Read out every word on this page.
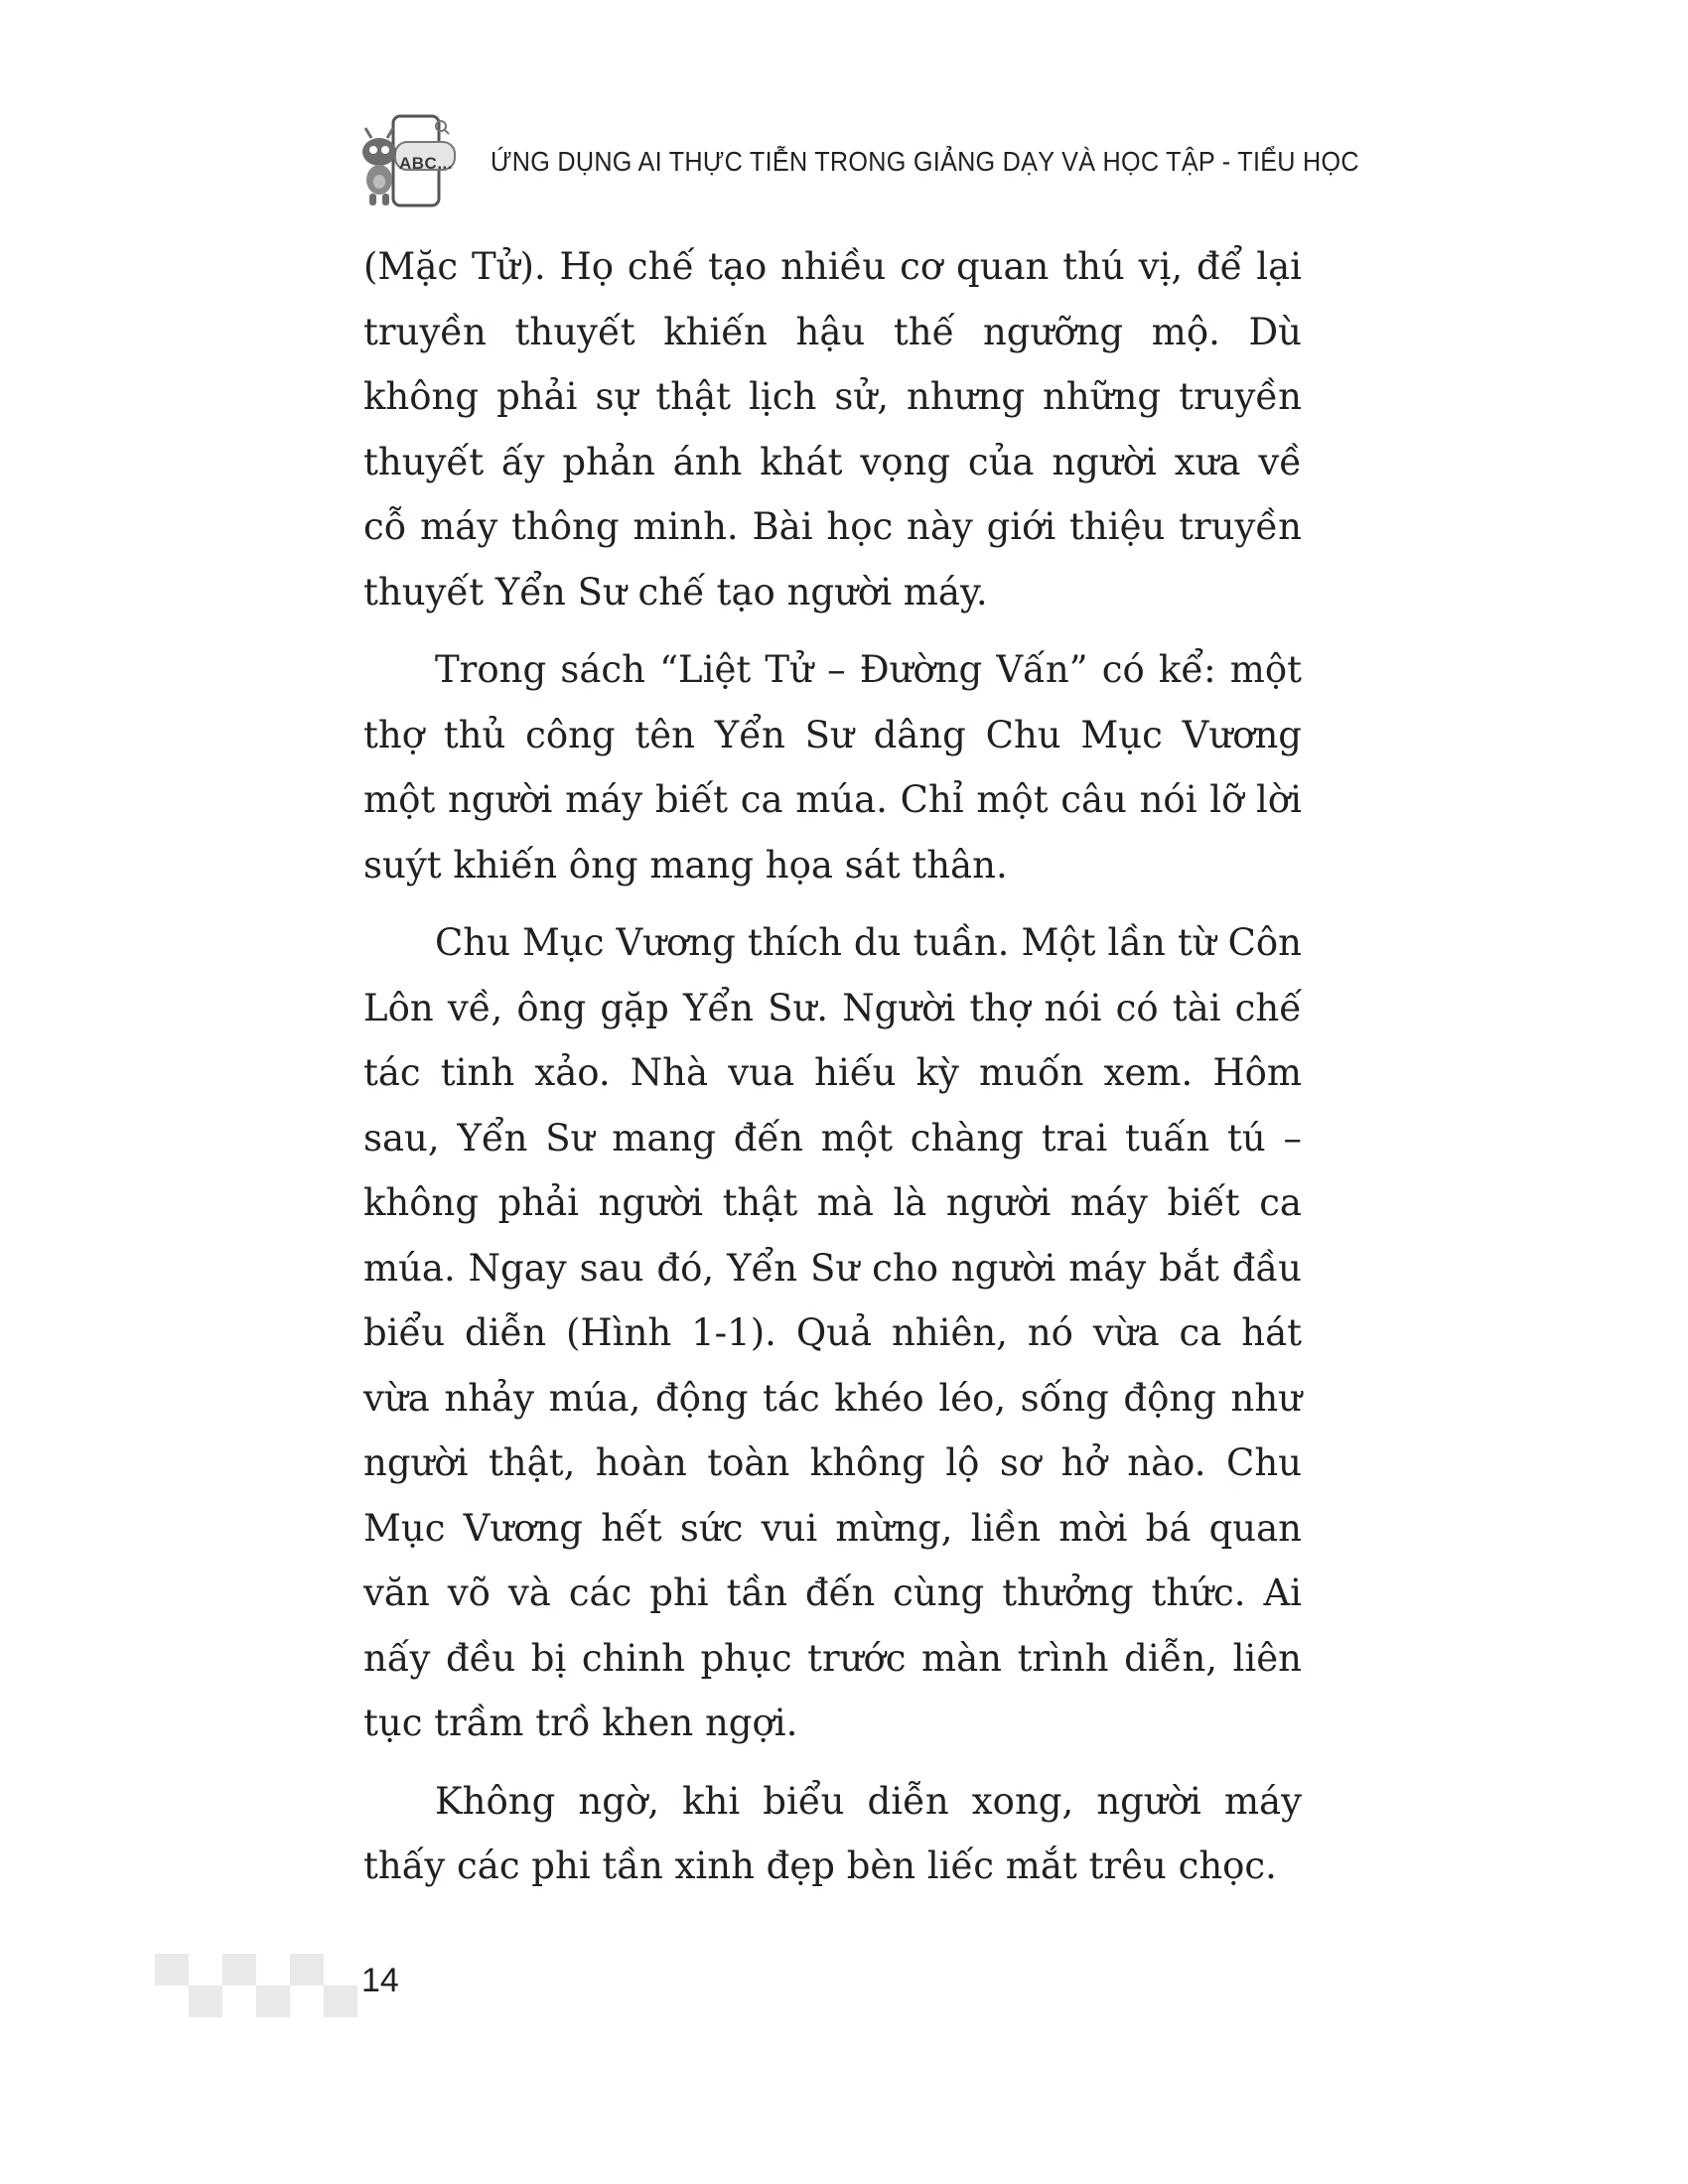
ABC... ỨNG DỤNG AI THỰC TIỄN TRONG GIẢNG DẠY VÀ HỌC TẬP - TIỂU HỌC

(Mặc Tử). Họ chế tạo nhiều cơ quan thú vị, để lại truyền thuyết khiến hậu thế ngưỡng mộ. Dù không phải sự thật lịch sử, nhưng những truyền thuyết ấy phản ánh khát vọng của người xưa về cỗ máy thông minh. Bài học này giới thiệu truyền thuyết Yển Sư chế tạo người máy.

Trong sách “Liệt Tử – Đường Vấn” có kể: một thợ thủ công tên Yển Sư dâng Chu Mục Vương một người máy biết ca múa. Chỉ một câu nói lỡ lời suýt khiến ông mang họa sát thân.

Chu Mục Vương thích du tuần. Một lần từ Côn Lôn về, ông gặp Yển Sư. Người thợ nói có tài chế tác tinh xảo. Nhà vua hiếu kỳ muốn xem. Hôm sau, Yển Sư mang đến một chàng trai tuấn tú – không phải người thật mà là người máy biết ca múa. Ngay sau đó, Yển Sư cho người máy bắt đầu biểu diễn (Hình 1-1). Quả nhiên, nó vừa ca hát vừa nhảy múa, động tác khéo léo, sống động như người thật, hoàn toàn không lộ sơ hở nào. Chu Mục Vương hết sức vui mừng, liền mời bá quan văn võ và các phi tần đến cùng thưởng thức. Ai nấy đều bị chinh phục trước màn trình diễn, liên tục trầm trồ khen ngợi.

Không ngờ, khi biểu diễn xong, người máy thấy các phi tần xinh đẹp bèn liếc mắt trêu chọc.

14
